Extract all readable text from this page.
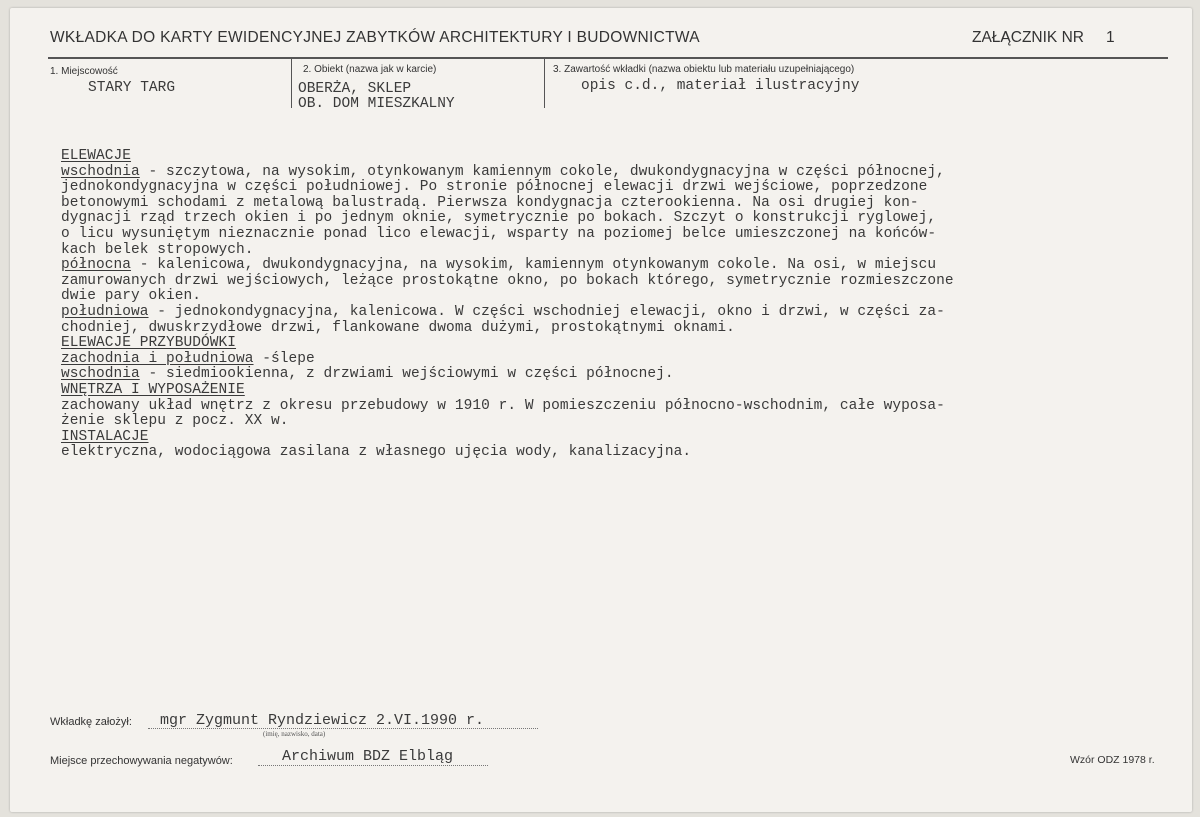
WKŁADKA DO KARTY EWIDENCYJNEJ ZABYTKÓW ARCHITEKTURY I BUDOWNICTWA	ZAŁĄCZNIK NR 1
1. Miejscowość
STARY TARG
2. Obiekt (nazwa jak w karcie)
OBERŻA, SKLEP
OB. DOM MIESZKALNY
3. Zawartość wkładki (nazwa obiektu lub materiału uzupełniającego)
opis c.d., materiał ilustracyjny
ELEWACJE
wschodnia - szczytowa, na wysokim, otynkowanym kamiennym cokole, dwukondygnacyjna w części północnej,
jednokondygnacyjna w części południowej. Po stronie północnej elewacji drzwi wejściowe, poprzedzone
betonowymi schodami z metalową balustradą. Pierwsza kondygnacja czterookienna. Na osi drugiej kon-
dygnacji rząd trzech okien i po jednym oknie, symetrycznie po bokach. Szczyt o konstrukcji ryglowej,
o licu wysuniętym nieznacznie ponad lico elewacji, wsparty na poziomej belce umieszczonej na końców-
kach belek stropowych.
północna - kalenicowa, dwukondygnacyjna, na wysokim, kamiennym otynkowanym cokole. Na osi, w miejscu
zamurowanych drzwi wejściowych, leżące prostokątne okno, po bokach którego, symetrycznie rozmieszczone
dwie pary okien.
południowa - jednokondygnacyjna, kalenicowa. W części wschodniej elewacji, okno i drzwi, w części za-
chodniej, dwuskrzydłowe drzwi, flankowane dwoma dużymi, prostokątnymi oknami.
ELEWACJE PRZYBUDÓWKI
zachodnia i południowa -ślepe
wschodnia - siedmiookienna, z drzwiami wejściowymi w części północnej.
WNĘTRZA I WYPOSAŻENIE
zachowany układ wnętrz z okresu przebudowy w 1910 r. W pomieszczeniu północno-wschodnim, całe wyposa-
żenie sklepu z pocz. XX w.
INSTALACJE
elektryczna, wodociągowa zasilana z własnego ujęcia wody, kanalizacyjna.
Wkładkę założył: mgr Zygmunt Ryndziewicz 2.VI.1990 r.
(imię, nazwisko, data)
Miejsce przechowywania negatywów:	Archiwum BDZ Elbląg	Wzór ODZ 1978 r.
